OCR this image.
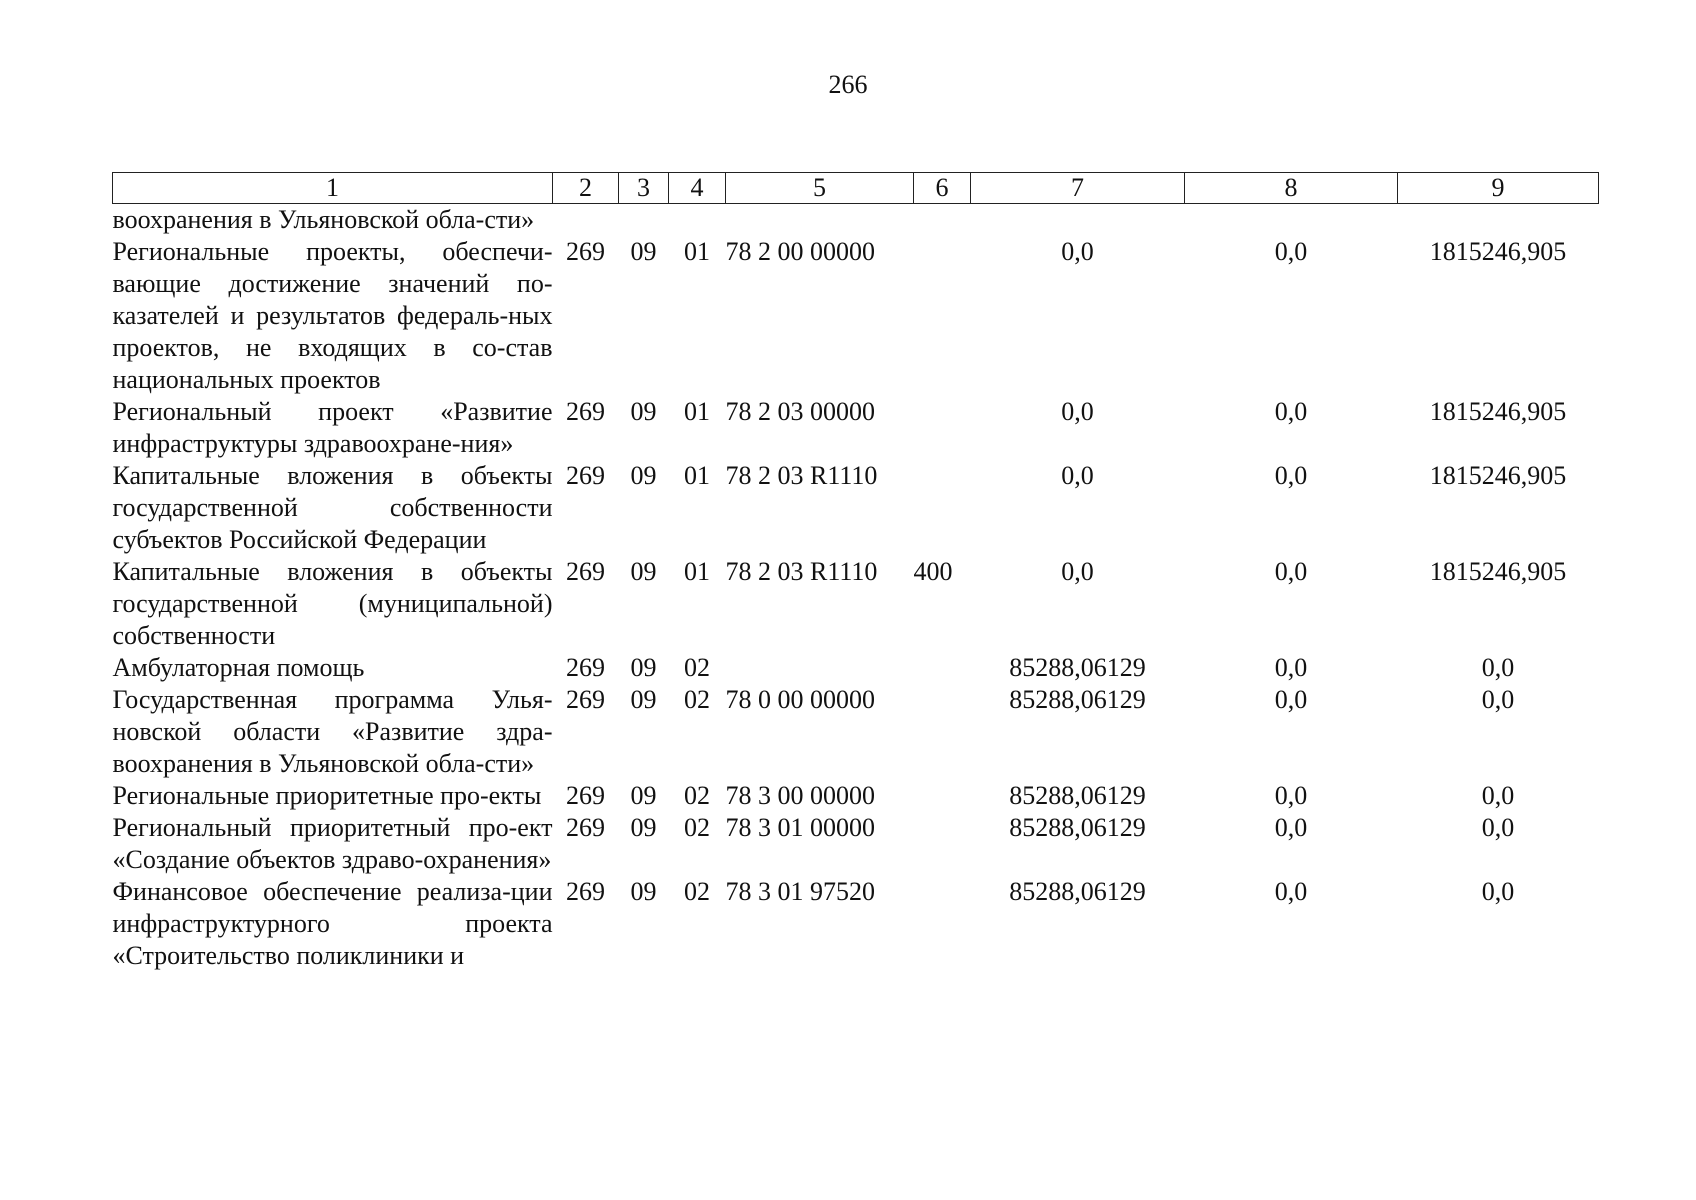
266
1	2	3	4	5	6	7	8	9
воохранения в Ульяновской обла-сти»								
Региональные проекты, обеспечи-вающие достижение значений по-казателей и результатов федераль-ных проектов, не входящих в со-став национальных проектов	269	09	01	78 2 00 00000		0,0	0,0	1815246,905
Региональный проект «Развитие инфраструктуры здравоохране-ния»	269	09	01	78 2 03 00000		0,0	0,0	1815246,905
Капитальные вложения в объекты государственной собственности субъектов Российской Федерации	269	09	01	78 2 03 R1110		0,0	0,0	1815246,905
Капитальные вложения в объекты государственной (муниципальной) собственности	269	09	01	78 2 03 R1110	400	0,0	0,0	1815246,905
Амбулаторная помощь	269	09	02			85288,06129	0,0	0,0
Государственная программа Улья-новской области «Развитие здра-воохранения в Ульяновской обла-сти»	269	09	02	78 0 00 00000		85288,06129	0,0	0,0
Региональные приоритетные про-екты	269	09	02	78 3 00 00000		85288,06129	0,0	0,0
Региональный приоритетный про-ект «Создание объектов здраво-охранения»	269	09	02	78 3 01 00000		85288,06129	0,0	0,0
Финансовое обеспечение реализа-ции инфраструктурного проекта «Строительство поликлиники и	269	09	02	78 3 01 97520		85288,06129	0,0	0,0
